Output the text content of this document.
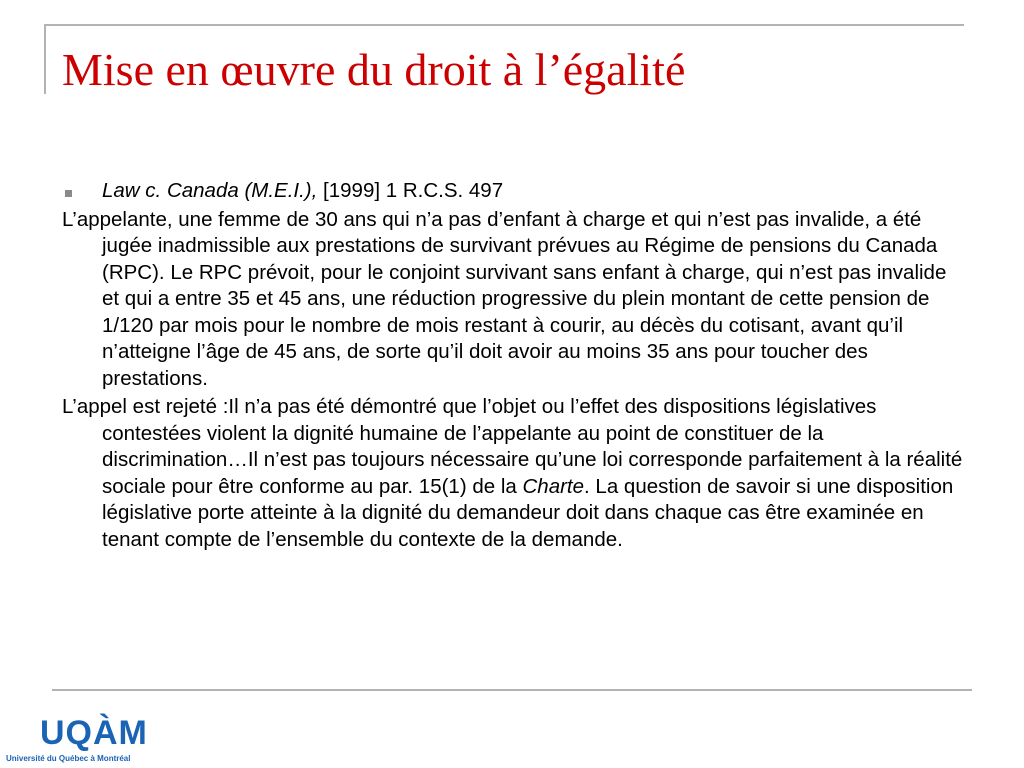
Mise en œuvre du droit à l’égalité
Law c. Canada (M.E.I.), [1999] 1 R.C.S. 497

L’appelante, une femme de 30 ans qui n’a pas d’enfant à charge et qui n’est pas invalide, a été jugée inadmissible aux prestations de survivant prévues au Régime de pensions du Canada (RPC). Le RPC prévoit, pour le conjoint survivant sans enfant à charge, qui n’est pas invalide et qui a entre 35 et 45 ans, une réduction progressive du plein montant de cette pension de 1/120 par mois pour le nombre de mois restant à courir, au décès du cotisant, avant qu’il n’atteigne l’âge de 45 ans, de sorte qu’il doit avoir au moins 35 ans pour toucher des prestations.

L’appel est rejeté :Il n’a pas été démontré que l’objet ou l’effet des dispositions législatives contestées violent la dignité humaine de l’appelante au point de constituer de la discrimination…Il n’est pas toujours nécessaire qu’une loi corresponde parfaitement à la réalité sociale pour être conforme au par. 15(1) de la Charte. La question de savoir si une disposition législative porte atteinte à la dignité du demandeur doit dans chaque cas être examinée en tenant compte de l’ensemble du contexte de la demande.

UQÀM
Université du Québec à Montréal
